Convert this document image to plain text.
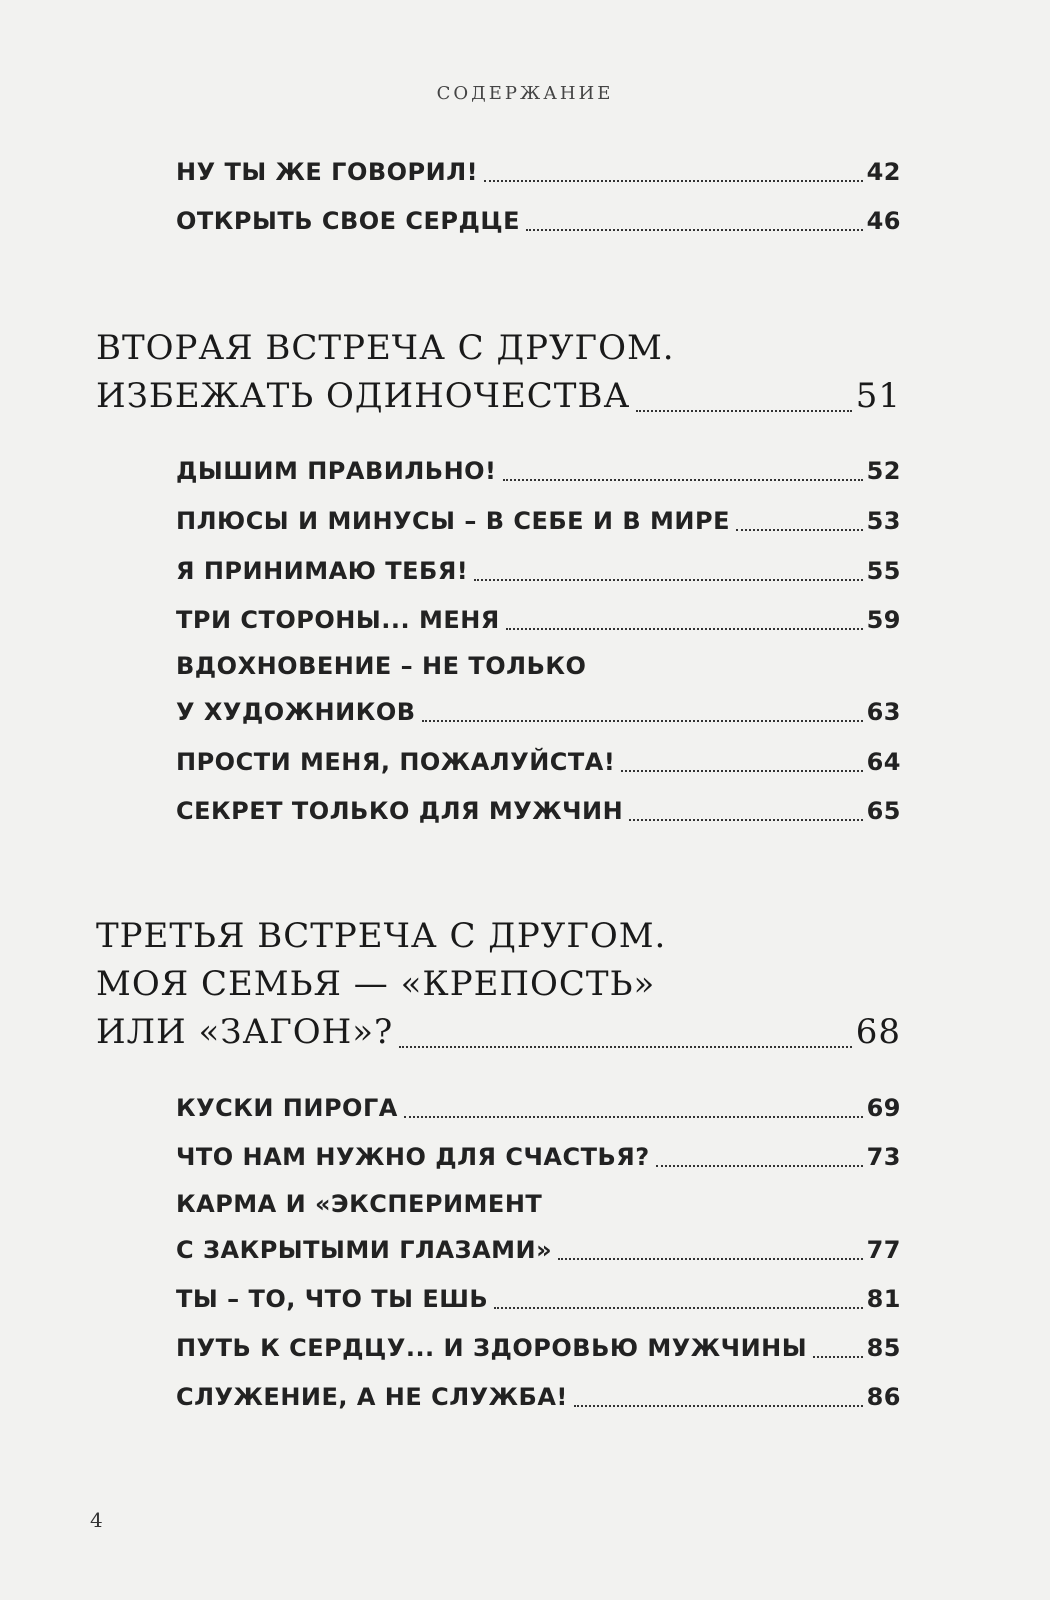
СОДЕРЖАНИЕ
НУ ТЫ ЖЕ ГОВОРИЛ!	42
ОТКРЫТЬ СВОЕ СЕРДЦЕ	46
ВТОРАЯ ВСТРЕЧА С ДРУГОМ.
ИЗБЕЖАТЬ ОДИНОЧЕСТВА	51
ДЫШИМ ПРАВИЛЬНО!	52
ПЛЮСЫ И МИНУСЫ – В СЕБЕ И В МИРЕ	53
Я ПРИНИМАЮ ТЕБЯ!	55
ТРИ СТОРОНЫ... МЕНЯ	59
ВДОХНОВЕНИЕ – НЕ ТОЛЬКО
У ХУДОЖНИКОВ	63
ПРОСТИ МЕНЯ, ПОЖАЛУЙСТА!	64
СЕКРЕТ ТОЛЬКО ДЛЯ МУЖЧИН	65
ТРЕТЬЯ ВСТРЕЧА С ДРУГОМ.
МОЯ СЕМЬЯ — «КРЕПОСТЬ»
ИЛИ «ЗАГОН»?	68
КУСКИ ПИРОГА	69
ЧТО НАМ НУЖНО ДЛЯ СЧАСТЬЯ?	73
КАРМА И «ЭКСПЕРИМЕНТ
С ЗАКРЫТЫМИ ГЛАЗАМИ»	77
ТЫ – ТО, ЧТО ТЫ ЕШЬ	81
ПУТЬ К СЕРДЦУ... И ЗДОРОВЬЮ МУЖЧИНЫ 85
СЛУЖЕНИЕ, А НЕ СЛУЖБА!	86
4
